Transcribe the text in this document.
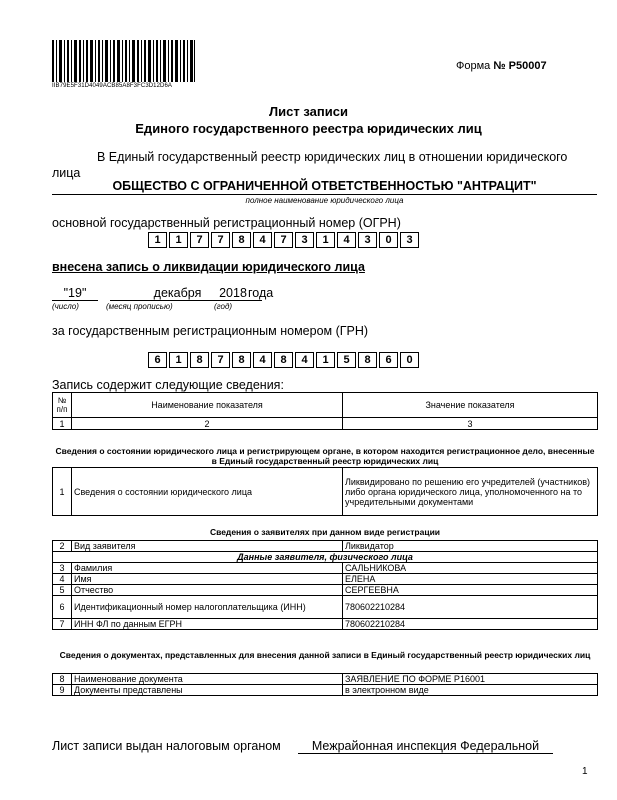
IIB79E5F31D4049ACB85A8F3FC3D12D6A
Форма № Р50007
Лист записи
Единого государственного реестра юридических лиц
В Единый государственный реестр юридических лиц в отношении юридического
лица
ОБЩЕСТВО С ОГРАНИЧЕННОЙ ОТВЕТСТВЕННОСТЬЮ "АНТРАЦИТ"
полное наименование юридического лица
основной государственный регистрационный номер (ОГРН)
1	1	7	7	8	4	7	3	1	4	3	0	3
внесена запись о ликвидации юридического лица
"19"	декабря	2018 года
(число)	(месяц прописью)	(год)
за государственным регистрационным номером (ГРН)
6	1	8	7	8	4	8	4	1	5	8	6	0
Запись содержит следующие сведения:
№ п/п	Наименование показателя	Значение показателя
1	2	3
Сведения о состоянии юридического лица и регистрирующем органе, в котором находится регистрационное дело, внесенные в Единый государственный реестр юридических лиц
1	Сведения о состоянии юридического лица	Ликвидировано по решению его учредителей (участников) либо органа юридического лица, уполномоченного на то учредительными документами
Сведения о заявителях при данном виде регистрации
2	Вид заявителя	Ликвидатор
Данные заявителя, физического лица		
3	Фамилия	САЛЬНИКОВА
4	Имя	ЕЛЕНА
5	Отчество	СЕРГЕЕВНА
6	Идентификационный номер налогоплательщика (ИНН)	780602210284
7	ИНН ФЛ по данным ЕГРН	780602210284
Сведения о документах, представленных для внесения данной записи в Единый государственный реестр юридических лиц
8	Наименование документа	ЗАЯВЛЕНИЕ ПО ФОРМЕ Р16001
9	Документы представлены	в электронном виде
Лист записи выдан налоговым органом	Межрайонная инспекция Федеральной
1
